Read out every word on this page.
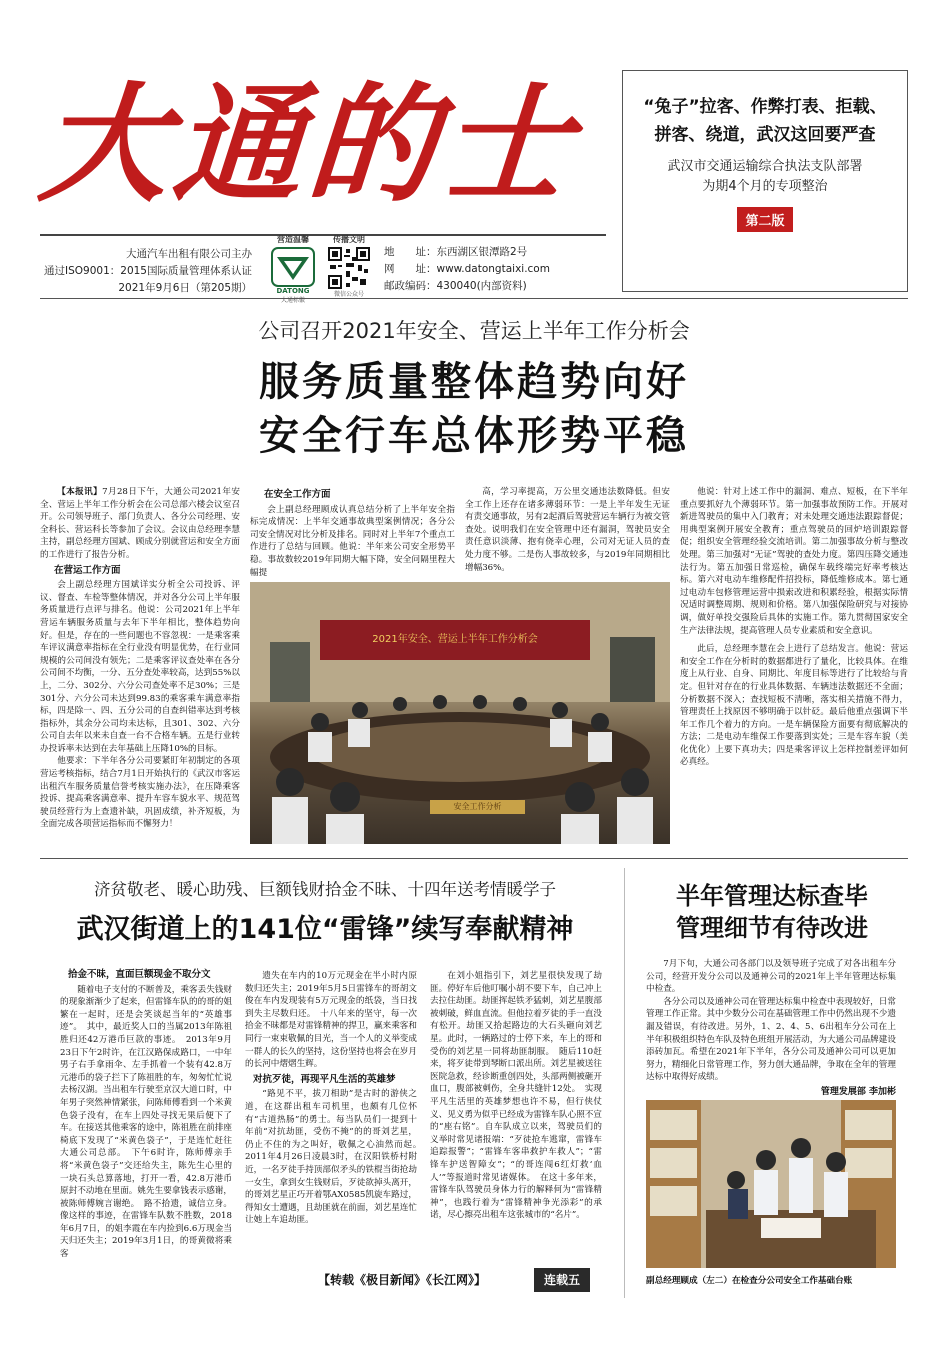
大通的士
大通汽车出租有限公司主办
通过ISO9001：2015国际质量管理体系认证
2021年9月6日（第205期）
营造温馨
DATONG
大通标徽
传播文明
微信公众号
地　　址：东西湖区银潭路2号
网　　址：www.datongtaixi.com
邮政编码：430040(内部资料)
“兔子”拉客、作弊打表、拒载、
拼客、绕道，武汉这回要严查
武汉市交通运输综合执法支队部署
为期4个月的专项整治
第二版
公司召开2021年安全、营运上半年工作分析会
服务质量整体趋势向好
安全行车总体形势平稳

【本报讯】7月28日下午，大通公司2021年安全、营运上半年工作分析会在公司总部六楼会议室召开。公司领导班子、部门负责人、各分公司经理、安全科长、营运科长等参加了会议。会议由总经理李慧主持，副总经理方国斌、顾成分别就营运和安全方面的工作进行了报告分析。

在营运工作方面

会上副总经理方国斌详实分析全公司投诉、评议、督查、车检等整体情况，并对各分公司上半年服务质量进行点评与排名。他说：公司2021年上半年营运车辆服务质量与去年下半年相比，整体趋势向好。但是，存在的一些问题也不容忽视：一是乘客乘车评议满意率指标在全行业没有明显优势，在行业同规模的公司间没有领先；二是乘客评议查处率在各分公司间不均衡，一分、五分查处率较高，达到55%以上，二分、302分、六分公司查处率不足30%；三是301分、六分公司未达到99.83的乘客乘车满意率指标，四是除一、四、五分公司的自查纠错率达到考核指标外，其余分公司均未达标，且301、302、六分公司自去年以来未自查一台不合格车辆。五是行业转办投诉率未达到在去年基础上压降10%的目标。

他要求：下半年各分公司要紧盯年初制定的各项营运考核指标，结合7月1日开始执行的《武汉市客运出租汽车服务质量信誉考核实施办法》，在压降乘客投诉、提高乘客满意率、提升车容车貌水平、规范驾驶员经营行为上查遗补缺，巩固成绩，补齐短板，为全面完成各项营运指标而不懈努力！

在安全工作方面

会上副总经理顾成认真总结分析了上半年安全指标完成情况：上半年交通事故典型案例情况；各分公司安全情况对比分析及排名。同时对上半年7个重点工作进行了总结与回顾。他说：半年来公司安全形势平稳。事故数较2019年同期大幅下降，安全问隔里程大幅提

高，学习率提高，万公里交通违法数降低。但安全工作上还存在诸多薄弱环节：一是上半年发生无证有责交通事故，另有2起酒后驾驶营运车辆行为被交管查处。说明我们在安全管理中还有漏洞，驾驶员安全责任意识淡薄、抱有侥幸心理，公司对无证人员的查处力度不够。二是伤人事故较多，与2019年同期相比增幅36%。

2021年安全、营运上半年工作分析会
安全工作分析

他说：针对上述工作中的漏洞、难点、短板，在下半年重点要抓好九个薄弱环节。第一加强事故预防工作。开展对新进驾驶员的集中入门教育；对未处理交通违法跟踪督促；用典型案例开展安全教育；重点驾驶员的回炉培训跟踪督促；组织安全管理经验交流培训。第二加强事故分析与整改处理。第三加强对“无证”驾驶的查处力度。第四压降交通违法行为。第五加强日常巡检，确保车载终端完好率考核达标。第六对电动车维修配件招投标，降低维修成本。第七通过电动车包修管理运营中损索改进和积累经验，根据实际情况适时调整周期、规则和价格。第八加强保险研究与对接协调，做好单投交强险后具体的实施工作。第九贯彻国家安全生产法律法规，提高管理人员专业素质和安全意识。

此后，总经理李慧在会上进行了总结发言。他说：营运和安全工作在分析时的数据都进行了量化，比较具体。在维度上从行业、自身、同期比、年度目标等进行了比较给与肯定。但针对存在的行业具体数据、车辆违法数据还不全面；分析数据不深入；查找短板不清晰，落实相关措施不得力，管理责任上找原因不够明确于以针砭。最后他重点强调下半年工作几个着力的方向。一是车辆保险方面要有彻底解决的方法；二是电动车维保工作要落到实处；三是车容车貌（美化优化）上要下真功夫；四是乘客评议上怎样控制差评如何必真经。

济贫敬老、暖心助残、巨额钱财拾金不昧、十四年送考情暖学子
武汉街道上的141位“雷锋”续写奉献精神
拾金不昧，直面巨额现金不取分文

随着电子支付的不断普及，乘客丢失钱财的现象渐渐少了起来，但雷锋车队的的哥的姐繁在一起时，还是会笑谈起当年的“英雄事迹”。　其中，最近奖人口的当属2013年陈祖胜归还42万港币巨款的事迹。　2013年9月23日下午2时许，在江汉路保成路口，一中年男子右手拿雨伞、左手抓着一个装有42.8万元港币的袋子拦下了陈祖胜的车，匆匆忙忙说去杨汉湖。当出租车行驶至京汉大道口时，中年男子突然神情紧张，问陈师傅看到一个米黄色袋子没有，在车上四处寻找无果后便下了车。在接送其他乘客的途中，陈祖胜在前排座椅底下发现了“米黄色袋子”，于是连忙赶往大通公司总部。　下午6时许，陈师傅亲手将“米黄色袋子”交还给失主，陈先生心里的一块石头总算落地，打开一看，42.8万港币原封不动地在里面。姚先生要拿钱表示感谢，被陈师傅婉言谢绝。　路不拾遗，诚信立身。像这样的事迹，在雷锋车队数不胜数，2018年6月7日，的姐李霞在车内捡到6.6万现金当天归还失主；2019年3月1日，的哥黄微将乘客

遗失在车内的10万元现金在半小时内原数归还失主；2019年5月5日雷锋车的哥胡文俊在车内发现装有5万元现金的纸袋，当日找到失主尽数归还。　十八年来的坚守，每一次拾金不昧都是对雷锋精神的捍卫，赢来乘客和同行一束束敬佩的目光，当一个人的义举变成一群人的长久的坚持，这份坚持也将会在岁月的长河中熠熠生辉。

对抗歹徒，再现平凡生活的英雄梦

“路见不平，拔刀相助”是古时的游侠之道，在这群出租车司机里，也颇有几位怀有“古道热肠”的勇士。每当队员们一提到十年前“对抗劫匪，受伤不掩”的的哥刘艺星，仍止不住的为之叫好，敬佩之心油然而起。　2011年4月26日凌晨3时，在汉阳铁桥村附近，一名歹徒手持顶部似矛头的铁棍当街抢劫一女生，拿到女生钱财后，歹徒欲掉头离开，的哥刘艺星正巧开着鄂AX0585凯旋车路过，得知女士遭遇，且劫匪就在前面，刘艺星连忙让她上车追劫匪。

在刘小姐指引下，刘艺星很快发现了劫匪。停好车后他叮嘱小胡不要下车，自己冲上去拉住劫匪。劫匪挥起铁矛猛刺，刘艺星腹部被刺破，鲜血直流。但他拉着歹徒的手一直没有松开。劫匪又拾起路边的大石头砸向刘艺星。此时，一辆路过的士停下来，车上的哥和受伤的刘艺星一同将劫匪制服。　随后110赶来，将歹徒带到琴断口派出所。刘艺星被送往医院急救，经诊断重创四处，头部两侧被砸开血口，腹部被刺伤，全身共缝针12处。　实现平凡生活里的英雄梦想也许不易，但行侠仗义、见义勇为似乎已经成为雷锋车队心照不宣的“座右铭”。自车队成立以来，驾驶员们的义举时常见诸报端：“歹徒抢车逃窜，雷锋车追踪报警”；“雷锋车客串救护车救人”；“雷锋车护送智障女”；“的哥连闯6红灯救‘血人’”等报道时常见诸媒体。　在这十多年来，雷锋车队驾驶员身体力行的解释何为“雷锋精神”，也践行着为“雷锋精神争光添彩”的承诺，尽心擦亮出租车这张城市的“名片”。

【转载《极目新闻》《长江网》】	连载五
半年管理达标查毕
管理细节有待改进

7月下旬，大通公司各部门以及领导班子完成了对各出租车分公司，经营开发分公司以及通神公司的2021年上半年管理达标集中检查。

各分公司以及通神公司在管理达标集中检查中表现较好，日常管理工作正常。其中少数分公司在基础管理工作中仍然出现不少遗漏及错误，有待改进。另外，1、2、4、5、6出租车分公司在上半年积极组织特色车队及特色班组开展活动，为大通公司品牌建设添砖加瓦。希望在2021年下半年，各分公司及通神公司可以更加努力，精细化日常管理工作，努力创大通品牌，争取在全年的管理达标中取得好成绩。

管理发展部 李加彬
副总经理顾成（左二）在检查分公司安全工作基础台账
